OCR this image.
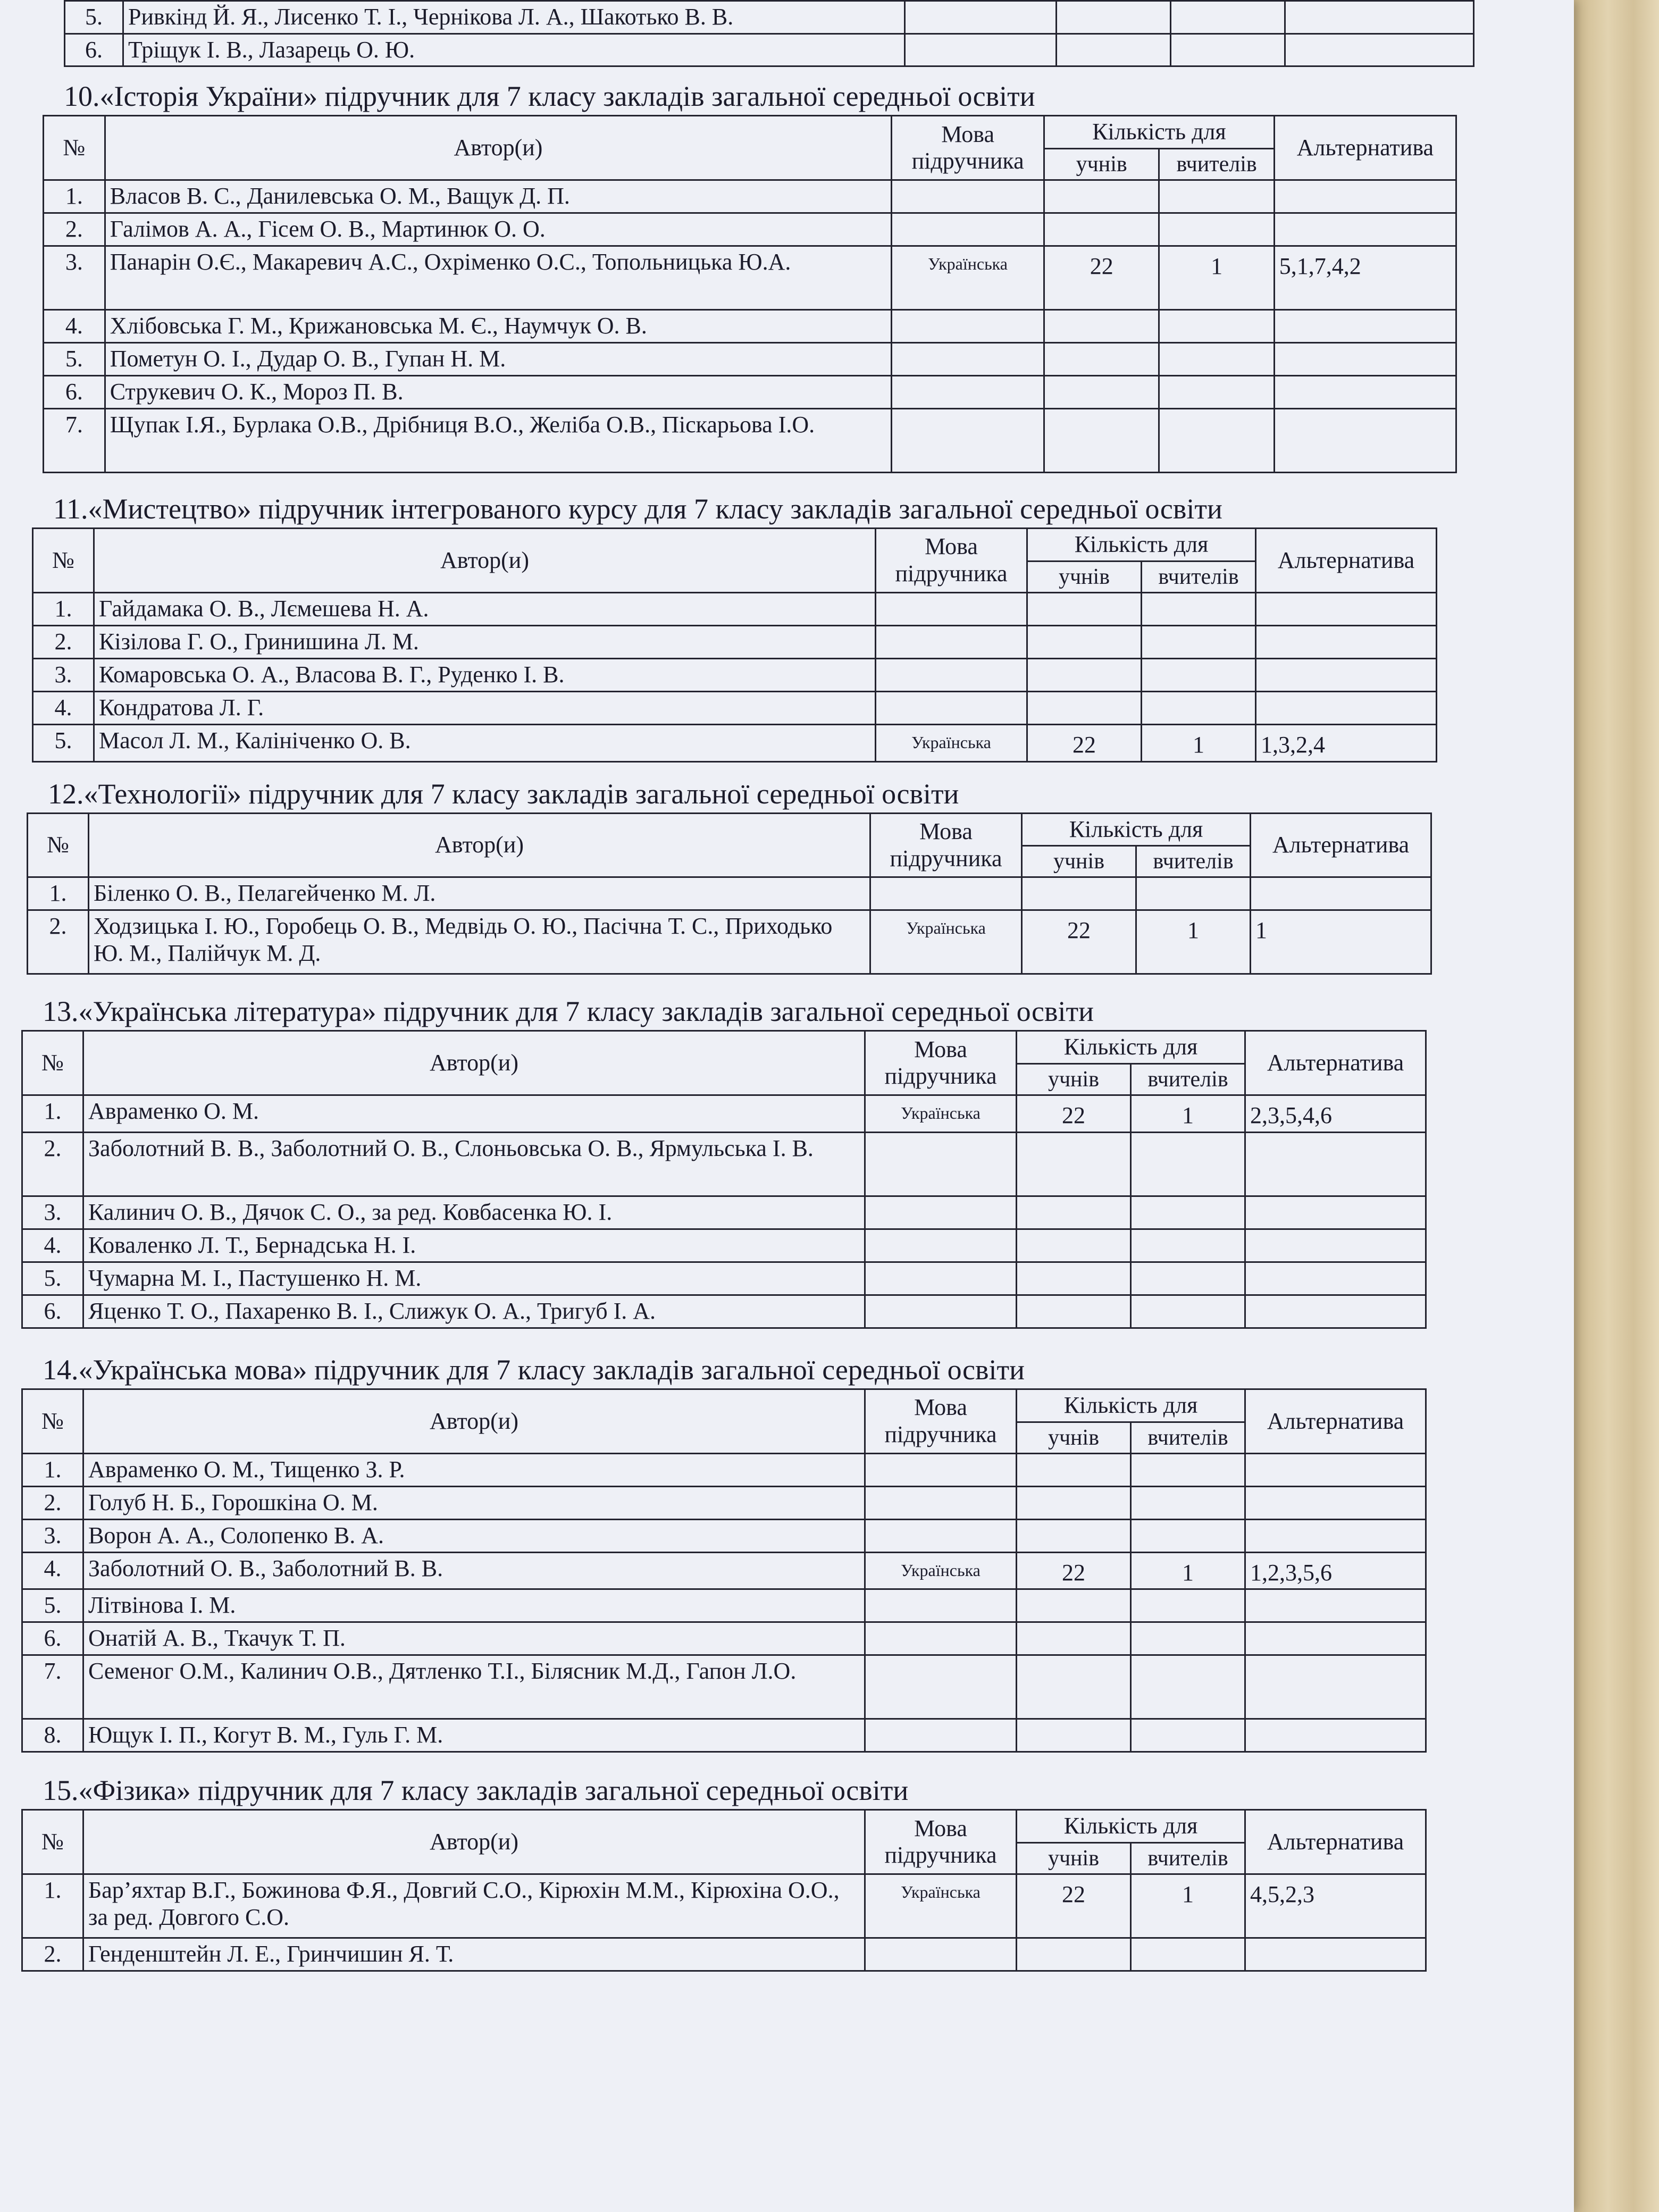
5.	Ривкінд Й. Я., Лисенко Т. І., Чернікова Л. А., Шакотько В. В.				
6.	Тріщук І. В., Лазарець О. Ю.				
10.«Історія України» підручник для 7 класу закладів загальної середньої освіти
№	Автор(и)	Мова підручника	Кількість для		Альтернатива
			учнів	вчителів	
1.	Власов В. С., Данилевська О. М., Ващук Д. П.				
2.	Галімов А. А., Гісем О. В., Мартинюк О. О.				
3.	Панарін О.Є., Макаревич А.С., Охріменко О.С., Топольницька Ю.А.	Українська	22	1	5,1,7,4,2
4.	Хлібовська Г. М., Крижановська М. Є., Наумчук О. В.				
5.	Пометун О. І., Дудар О. В., Гупан Н. М.				
6.	Струкевич О. К., Мороз П. В.				
7.	Щупак І.Я., Бурлака О.В., Дрібниця В.О., Желіба О.В., Піскарьова І.О.				
11.«Мистецтво» підручник інтегрованого курсу для 7 класу закладів загальної середньої освіти
№	Автор(и)	Мова підручника	Кількість для		Альтернатива
			учнів	вчителів	
1.	Гайдамака О. В., Лємешева Н. А.				
2.	Кізілова Г. О., Гринишина Л. М.				
3.	Комаровська О. А., Власова В. Г., Руденко І. В.				
4.	Кондратова Л. Г.				
5.	Масол Л. М., Калініченко О. В.	Українська	22	1	1,3,2,4
12.«Технології» підручник для 7 класу закладів загальної середньої освіти
№	Автор(и)	Мова підручника	Кількість для		Альтернатива
			учнів	вчителів	
1.	Біленко О. В., Пелагейченко М. Л.				
2.	Ходзицька І. Ю., Горобець О. В., Медвідь О. Ю., Пасічна Т. С., Приходько Ю. М., Палійчук М. Д.	Українська	22	1	1
13.«Українська література» підручник для 7 класу закладів загальної середньої освіти
№	Автор(и)	Мова підручника	Кількість для		Альтернатива
			учнів	вчителів	
1.	Авраменко О. М.	Українська	22	1	2,3,5,4,6
2.	Заболотний В. В., Заболотний О. В., Слоньовська О. В., Ярмульська І. В.				
3.	Калинич О. В., Дячок С. О., за ред. Ковбасенка Ю. І.				
4.	Коваленко Л. Т., Бернадська Н. І.				
5.	Чумарна М. І., Пастушенко Н. М.				
6.	Яценко Т. О., Пахаренко В. І., Слижук О. А., Тригуб І. А.				
14.«Українська мова» підручник для 7 класу закладів загальної середньої освіти
№	Автор(и)	Мова підручника	Кількість для		Альтернатива
			учнів	вчителів	
1.	Авраменко О. М., Тищенко З. Р.				
2.	Голуб Н. Б., Горошкіна О. М.				
3.	Ворон А. А., Солопенко В. А.				
4.	Заболотний О. В., Заболотний В. В.	Українська	22	1	1,2,3,5,6
5.	Літвінова І. М.				
6.	Онатій А. В., Ткачук Т. П.				
7.	Семеног О.М., Калинич О.В., Дятленко Т.І., Білясник М.Д., Гапон Л.О.				
8.	Ющук І. П., Когут В. М., Гуль Г. М.				
15.«Фізика» підручник для 7 класу закладів загальної середньої освіти
№	Автор(и)	Мова підручника	Кількість для		Альтернатива
			учнів	вчителів	
1.	Бар’яхтар В.Г., Божинова Ф.Я., Довгий С.О., Кірюхін М.М., Кірюхіна О.О., за ред. Довгого С.О.	Українська	22	1	4,5,2,3
2.	Генденштейн Л. Е., Гринчишин Я. Т.				
